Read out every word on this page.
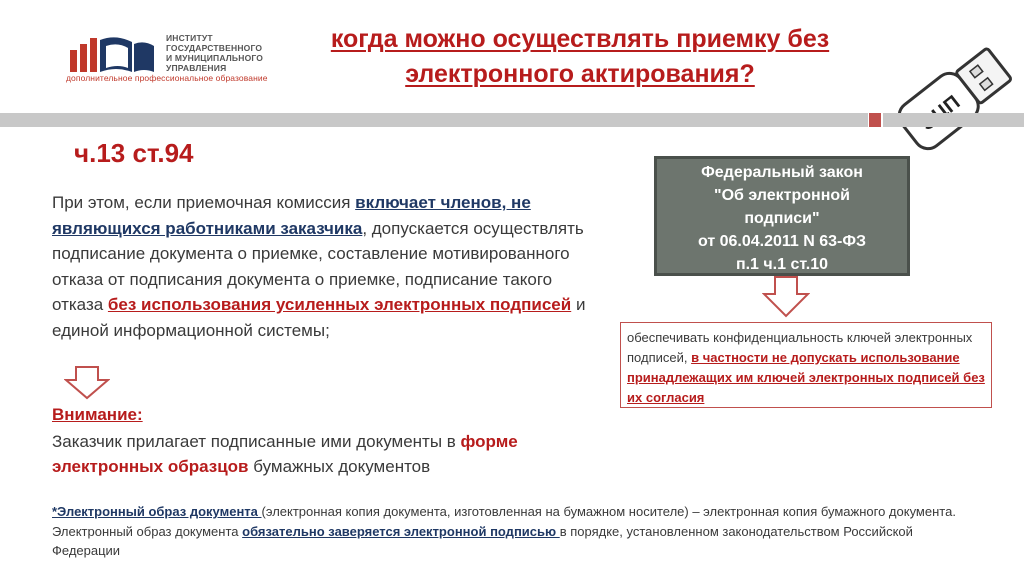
ИНСТИТУТ
ГОСУДАРСТВЕННОГО
И МУНИЦИПАЛЬНОГО
УПРАВЛЕНИЯ
дополнительное профессиональное образование
когда можно осуществлять приемку без
электронного актирования?
ч.13 ст.94
При этом, если приемочная комиссия включает членов, не являющихся работниками заказчика, допускается осуществлять подписание документа о приемке, составление мотивированного отказа от подписания документа о приемке, подписание такого отказа без использования усиленных электронных подписей и единой информационной системы;
Внимание:
Заказчик прилагает подписанные ими документы в форме электронных образцов бумажных документов
Федеральный закон
"Об электронной
подписи"
от 06.04.2011 N 63-ФЗ
п.1 ч.1 ст.10
обеспечивать конфиденциальность ключей электронных подписей, в частности не допускать использование принадлежащих им ключей электронных подписей без их согласия
*Электронный образ документа (электронная копия документа, изготовленная на бумажном носителе) – электронная копия бумажного документа. Электронный образ документа обязательно заверяется электронной подписью в порядке, установленном законодательством Российской Федерации
